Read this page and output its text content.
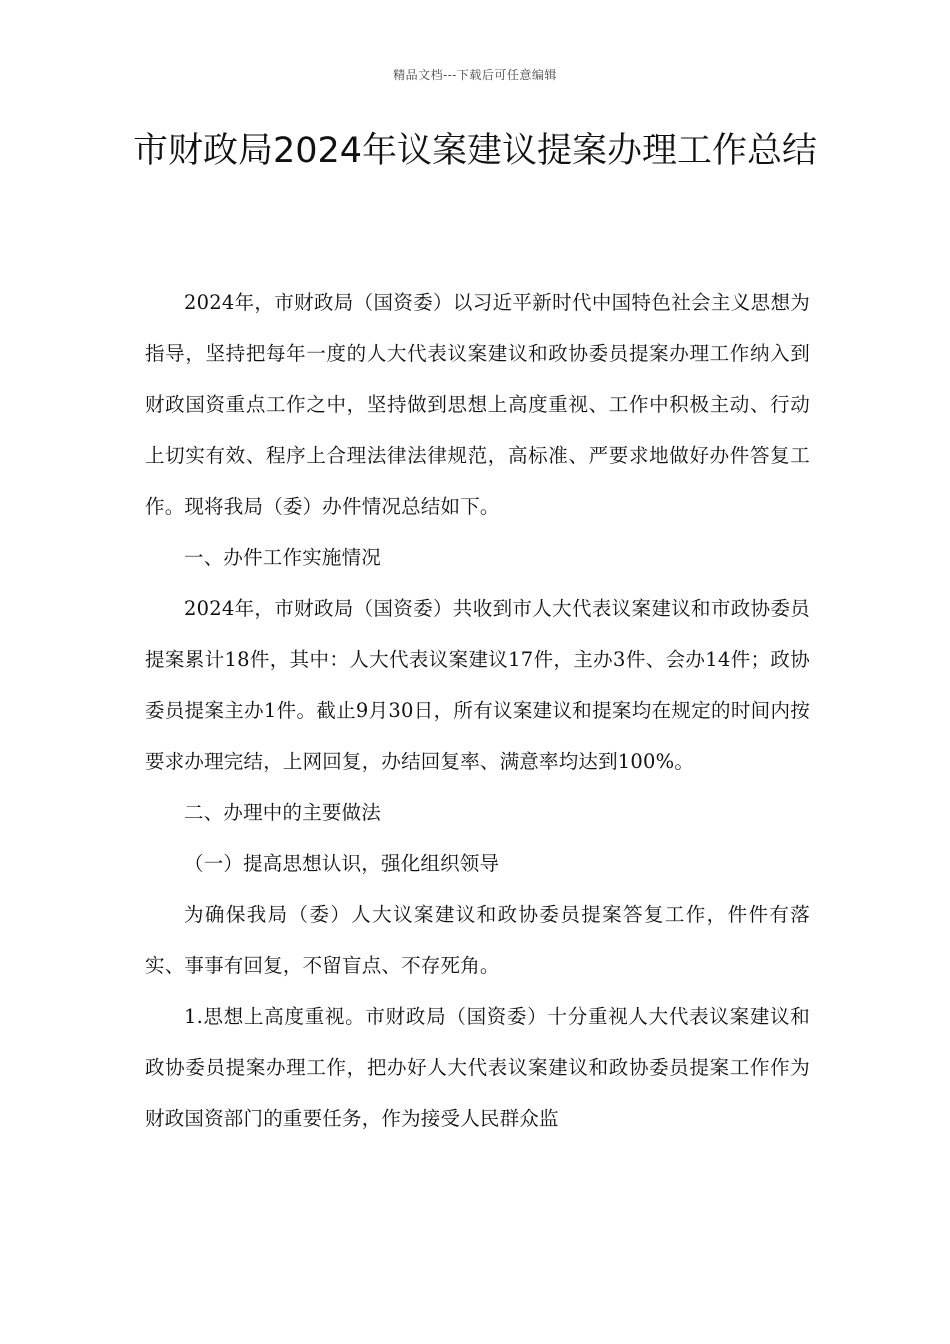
精品文档---下载后可任意编辑
市财政局2024年议案建议提案办理工作总结

2024年，市财政局（国资委）以习近平新时代中国特色社会主义思想为指导，坚持把每年一度的人大代表议案建议和政协委员提案办理工作纳入到财政国资重点工作之中，坚持做到思想上高度重视、工作中积极主动、行动上切实有效、程序上合理法律法律规范，高标准、严要求地做好办件答复工作。现将我局（委）办件情况总结如下。

一、办件工作实施情况

2024年，市财政局（国资委）共收到市人大代表议案建议和市政协委员提案累计18件，其中：人大代表议案建议17件，主办3件、会办14件；政协委员提案主办1件。截止9月30日，所有议案建议和提案均在规定的时间内按要求办理完结，上网回复，办结回复率、满意率均达到100%。

二、办理中的主要做法

（一）提高思想认识，强化组织领导

为确保我局（委）人大议案建议和政协委员提案答复工作，件件有落实、事事有回复，不留盲点、不存死角。

1.思想上高度重视。市财政局（国资委）十分重视人大代表议案建议和政协委员提案办理工作，把办好人大代表议案建议和政协委员提案工作作为财政国资部门的重要任务，作为接受人民群众监
